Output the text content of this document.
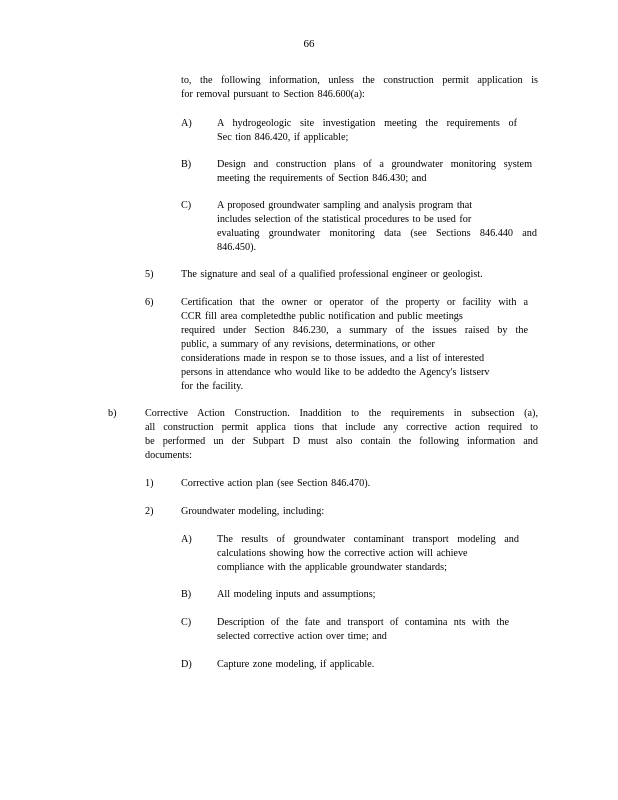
66
to, the following information, unless the construction permit application is
for removal pursuant to Section 846.600(a):
A) A hydrogeologic site investigation meeting the requirements of
Sec tion 846.420, if applicable;
B)	Design and construction plans of a groundwater monitoring system
meeting the requirements of Section 846.430; and
C)	A proposed groundwater sampling and analysis program that
includes selection of the statistical procedures to be used for
evaluating groundwater monitoring data (see Sections 846.440 and
846.450).
5)	The signature and seal of a qualified professional engineer or geologist.
6)	Certification that the owner or operator of the property or facility with a
CCR fill area completedthe public notification and public meetings
required under Section 846.230, a summary of the issues raised by the
public, a summary of any revisions, determinations, or other
considerations made in respon se to those issues, and a list of interested
persons in attendance who would like to be addedto the Agency's listserv
for the facility.
b)	Corrective Action Construction. Inaddition to the requirements in subsection (a),
all construction permit applica tions that include any corrective action required to
be performed un der Subpart D must also contain the following information and
documents:
1)	Corrective action plan (see Section 846.470).
2)	Groundwater modeling, including:
A) The results of groundwater contaminant transport modeling and
calculations showing how the corrective action will achieve
compliance with the applicable groundwater standards;
B)	All modeling inputs and assumptions;
C)	Description of the fate and transport of contamina nts with the
selected corrective action over time; and
D) Capture zone modeling, if applicable.
